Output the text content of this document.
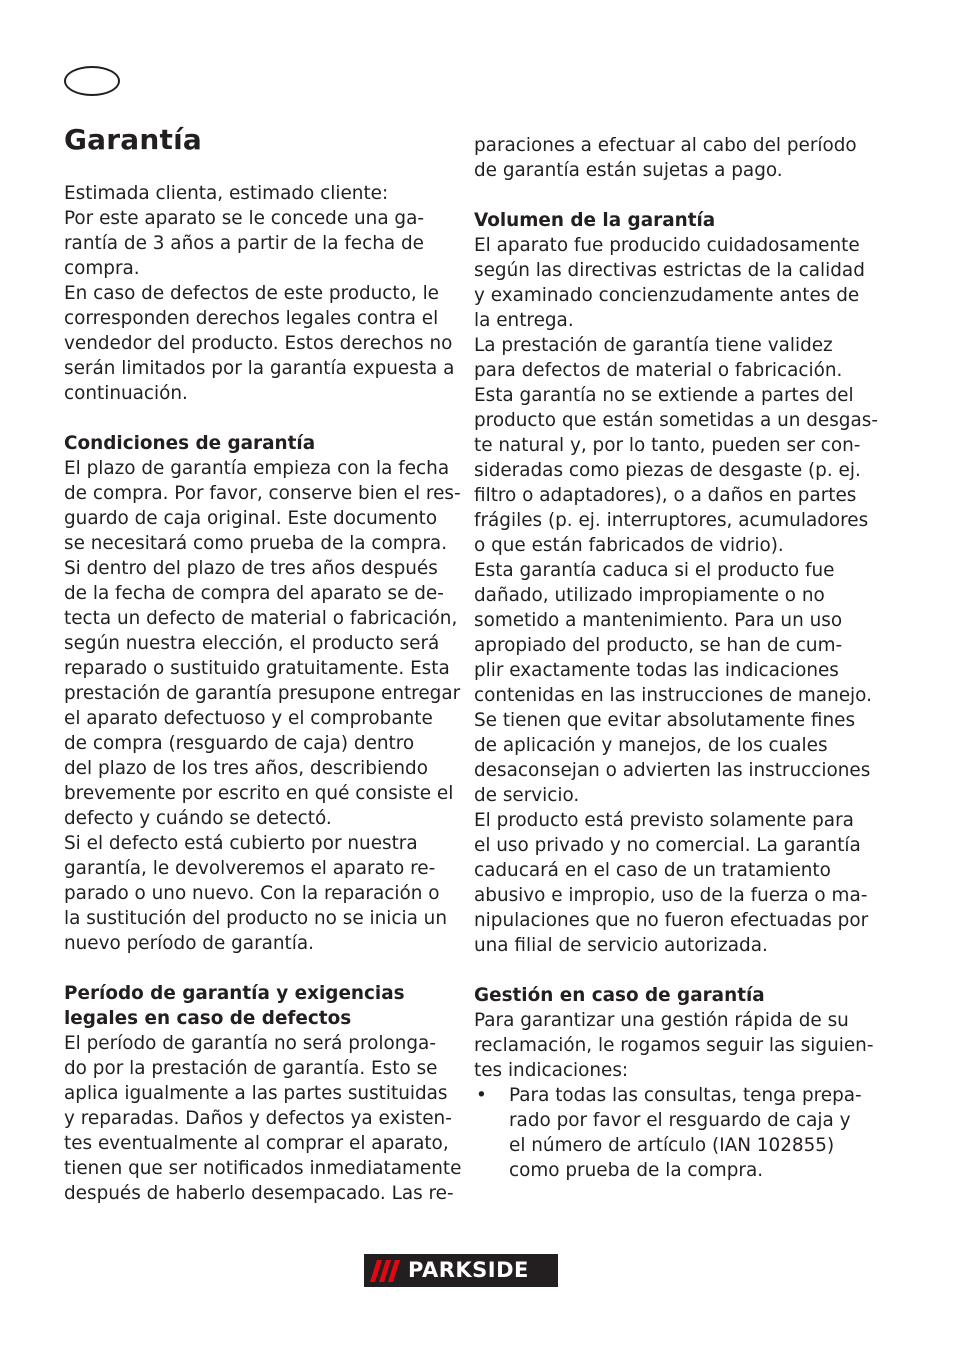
Garantía

Estimada clienta, estimado cliente:

Por este aparato se le concede una ga-

rantía de 3 años a partir de la fecha de

compra.

En caso de defectos de este producto, le

corresponden derechos legales contra el

vendedor del producto. Estos derechos no

serán limitados por la garantía expuesta a

continuación.

Condiciones de garantía

El plazo de garantía empieza con la fecha

de compra. Por favor, conserve bien el res-

guardo de caja original. Este documento

se necesitará como prueba de la compra.

Si dentro del plazo de tres años después

de la fecha de compra del aparato se de-

tecta un defecto de material o fabricación,

según nuestra elección, el producto será

reparado o sustituido gratuitamente. Esta

prestación de garantía presupone entregar

el aparato defectuoso y el comprobante

de compra (resguardo de caja) dentro

del plazo de los tres años, describiendo

brevemente por escrito en qué consiste el

defecto y cuándo se detectó.

Si el defecto está cubierto por nuestra

garantía, le devolveremos el aparato re-

parado o uno nuevo. Con la reparación o

la sustitución del producto no se inicia un

nuevo período de garantía.

Período de garantía y exigencias
legales en caso de defectos

El período de garantía no será prolonga-

do por la prestación de garantía. Esto se

aplica igualmente a las partes sustituidas

y reparadas. Daños y defectos ya existen-

tes eventualmente al comprar el aparato,

tienen que ser notificados inmediatamente

después de haberlo desempacado. Las re-

paraciones a efectuar al cabo del período

de garantía están sujetas a pago.

Volumen de la garantía

El aparato fue producido cuidadosamente

según las directivas estrictas de la calidad

y examinado concienzudamente antes de

la entrega.

La prestación de garantía tiene validez

para defectos de material o fabricación.

Esta garantía no se extiende a partes del

producto que están sometidas a un desgas-

te natural y, por lo tanto, pueden ser con-

sideradas como piezas de desgaste (p. ej.

filtro o adaptadores), o a daños en partes

frágiles (p. ej. interruptores, acumuladores

o que están fabricados de vidrio).

Esta garantía caduca si el producto fue

dañado, utilizado impropiamente o no

sometido a mantenimiento. Para un uso

apropiado del producto, se han de cum-

plir exactamente todas las indicaciones

contenidas en las instrucciones de manejo.

Se tienen que evitar absolutamente fines

de aplicación y manejos, de los cuales

desaconsejan o advierten las instrucciones

de servicio.

El producto está previsto solamente para

el uso privado y no comercial. La garantía

caducará en el caso de un tratamiento

abusivo e impropio, uso de la fuerza o ma-

nipulaciones que no fueron efectuadas por

una filial de servicio autorizada.

Gestión en caso de garantía

Para garantizar una gestión rápida de su

reclamación, le rogamos seguir las siguien-

tes indicaciones:

• Para todas las consultas, tenga prepa-

rado por favor el resguardo de caja y

el número de artículo (IAN 102855)

como prueba de la compra.

PARKSIDE
